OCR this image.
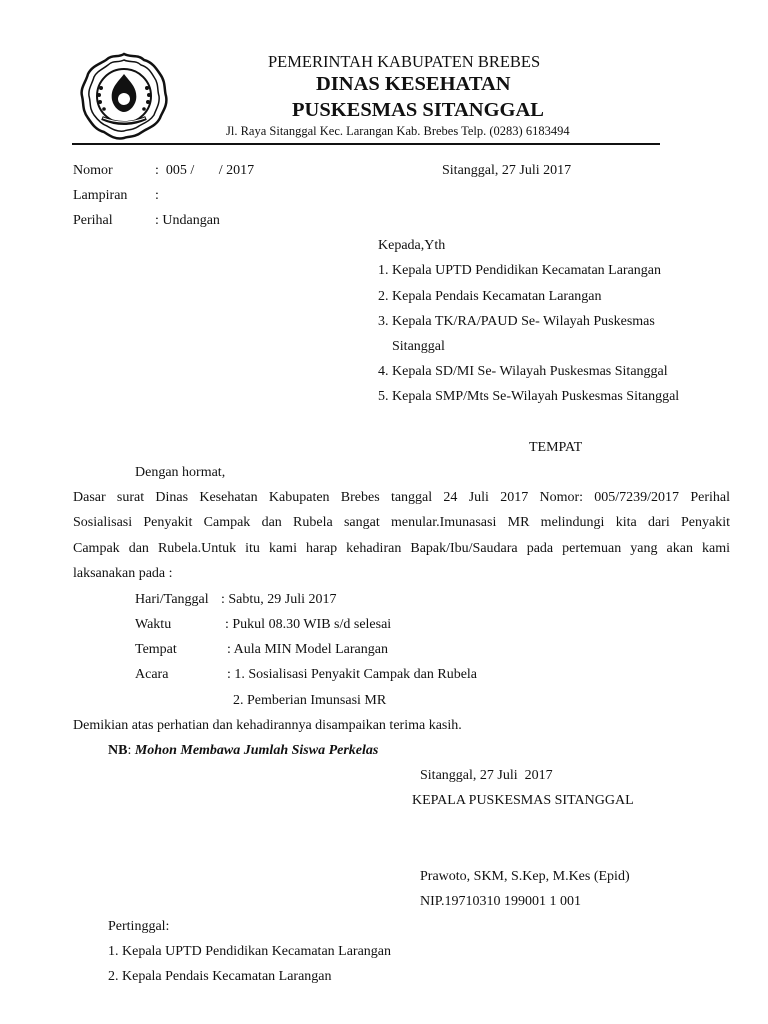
PEMERINTAH KABUPATEN BREBES
DINAS KESEHATAN
PUSKESMAS SITANGGAL
Jl. Raya Sitanggal Kec. Larangan Kab. Brebes Telp. (0283) 6183494
Nomor	:  005 /       / 2017	Sitanggal, 27 Juli 2017
Lampiran :
Perihal	: Undangan
Kepada,Yth
1. Kepala UPTD Pendidikan Kecamatan Larangan
2. Kepala Pendais Kecamatan Larangan
3. Kepala TK/RA/PAUD Se- Wilayah Puskesmas
Sitanggal
4. Kepala SD/MI Se- Wilayah Puskesmas Sitanggal
5. Kepala SMP/Mts Se-Wilayah Puskesmas Sitanggal
TEMPAT
Dengan hormat,
Dasar surat Dinas Kesehatan Kabupaten Brebes tanggal 24 Juli 2017 Nomor: 005/7239/2017 Perihal
Sosialisasi Penyakit Campak dan Rubela sangat menular.Imunasasi MR melindungi kita dari Penyakit
Campak dan Rubela.Untuk itu kami harap kehadiran Bapak/Ibu/Saudara pada pertemuan yang akan kami
laksanakan pada :
Hari/Tanggal : Sabtu, 29 Juli 2017
Waktu	: Pukul 08.30 WIB s/d selesai
Tempat	: Aula MIN Model Larangan
Acara	: 1. Sosialisasi Penyakit Campak dan Rubela
2. Pemberian Imunsasi MR
Demikian atas perhatian dan kehadirannya disampaikan terima kasih.
NB: Mohon Membawa Jumlah Siswa Perkelas
Sitanggal, 27 Juli  2017
KEPALA PUSKESMAS SITANGGAL
Prawoto, SKM, S.Kep, M.Kes (Epid)
NIP.19710310 199001 1 001
Pertinggal:
1. Kepala UPTD Pendidikan Kecamatan Larangan
2. Kepala Pendais Kecamatan Larangan
